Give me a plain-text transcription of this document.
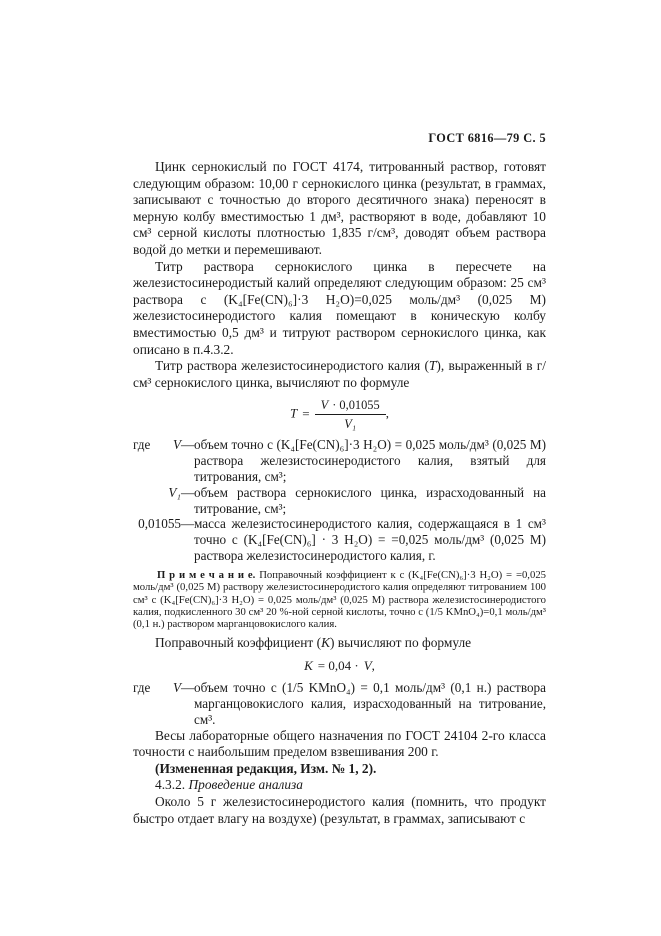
ГОСТ 6816—79 С. 5

Цинк сернокислый по ГОСТ 4174, титрованный раствор, готовят следующим образом: 10,00 г сернокислого цинка (результат, в граммах, записывают с точностью до второго десятичного знака) переносят в мерную колбу вместимостью 1 дм³, растворяют в воде, добавляют 10 см³ серной кислоты плотностью 1,835 г/см³, доводят объем раствора водой до метки и перемешивают.

Титр раствора сернокислого цинка в пересчете на железистосинеродистый калий определяют следующим образом: 25 см³ раствора с (K₄[Fe(CN)₆]·3 H₂O)=0,025 моль/дм³ (0,025 М) железистосинеродистого калия помещают в коническую колбу вместимостью 0,5 дм³ и титруют раствором сернокислого цинка, как описано в п.4.3.2.

Титр раствора железистосинеродистого калия (Т), выраженный в г/см³ сернокислого цинка, вычисляют по формуле

$T = \frac{V \cdot 0,01055}{\text{V₁}}$ ,
где V — объем точно с (K₄[Fe(CN)₆]·3 H₂O) = 0,025 моль/дм³ (0,025 М) раствора железистосинеродистого калия, взятый для титрования, см³;
V₁ — объем раствора сернокислого цинка, израсходованный на титрование, см³;
0,01055 — масса железистосинеродистого калия, содержащаяся в 1 см³ точно с (K₄[Fe(CN)₆] · 3 H₂O) = =0,025 моль/дм³ (0,025 М) раствора железистосинеродистого калия, г.

П р и м е ч а н и е. Поправочный коэффициент к с (K₄[Fe(CN)₆]·3 H₂O) = =0,025 моль/дм³ (0,025 М) раствору железистосинеродистого калия определяют титрованием 100 см³ с (K₄[Fe(CN)₆]·3 H₂O) = 0,025 моль/дм³ (0,025 М) раствора железистосинеродистого калия, подкисленного 30 см³ 20 %-ной серной кислоты, точно с (1/5 KMnO₄)=0,1 моль/дм³ (0,1 н.) раствором марганцовокислого калия.

Поправочный коэффициент (К) вычисляют по формуле

K = 0,04 · V,
где V — объем точно с (1/5 KMnO₄) = 0,1 моль/дм³ (0,1 н.) раствора марганцовокислого калия, израсходованный на титрование, см³.

Весы лабораторные общего назначения по ГОСТ 24104 2-го класса точности с наибольшим пределом взвешивания 200 г.

(Измененная редакция, Изм. № 1, 2).

4.3.2. Проведение анализа

Около 5 г железистосинеродистого калия (помнить, что продукт быстро отдает влагу на воздухе) (результат, в граммах, записывают с
